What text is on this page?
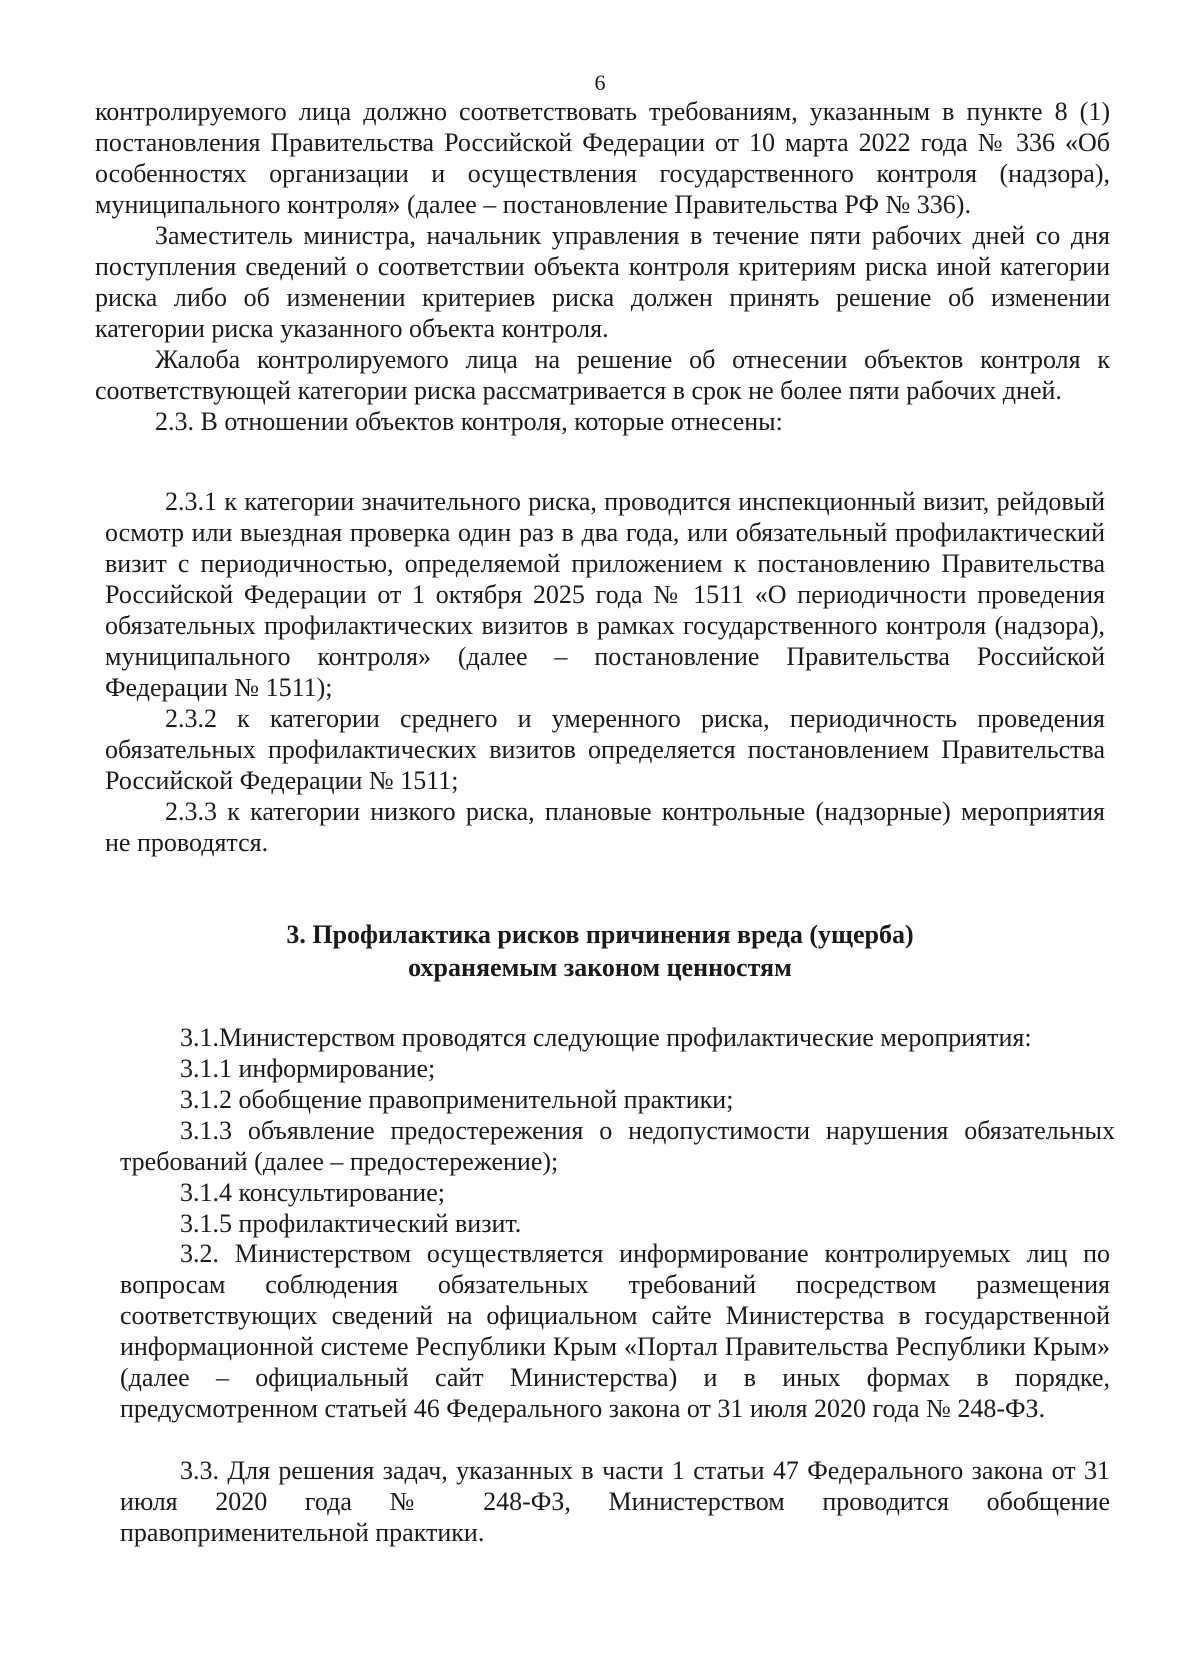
6

контролируемого лица должно соответствовать требованиям, указанным в пункте 8 (1) постановления Правительства Российской Федерации от 10 марта 2022 года № 336 «Об особенностях организации и осуществления государственного контроля (надзора), муниципального контроля» (далее – постановление Правительства РФ № 336).

Заместитель министра, начальник управления в течение пяти рабочих дней со дня поступления сведений о соответствии объекта контроля критериям риска иной категории риска либо об изменении критериев риска должен принять решение об изменении категории риска указанного объекта контроля.

Жалоба контролируемого лица на решение об отнесении объектов контроля к соответствующей категории риска рассматривается в срок не более пяти рабочих дней.

2.3. В отношении объектов контроля, которые отнесены:

2.3.1 к категории значительного риска, проводится инспекционный визит, рейдовый осмотр или выездная проверка один раз в два года, или обязательный профилактический визит с периодичностью, определяемой приложением к постановлению Правительства Российской Федерации от 1 октября 2025 года № 1511 «О периодичности проведения обязательных профилактических визитов в рамках государственного контроля (надзора), муниципального контроля» (далее – постановление Правительства Российской Федерации № 1511);

2.3.2 к категории среднего и умеренного риска, периодичность проведения обязательных профилактических визитов определяется постановлением Правительства Российской Федерации № 1511;

2.3.3 к категории низкого риска, плановые контрольные (надзорные) мероприятия не проводятся.

3. Профилактика рисков причинения вреда (ущерба)
охраняемым законом ценностям

3.1.Министерством проводятся следующие профилактические мероприятия:

3.1.1 информирование;

3.1.2 обобщение правоприменительной практики;

3.1.3 объявление предостережения о недопустимости нарушения обязательных требований (далее – предостережение);

3.1.4 консультирование;

3.1.5 профилактический визит.

3.2. Министерством осуществляется информирование контролируемых лиц по вопросам соблюдения обязательных требований посредством размещения соответствующих сведений на официальном сайте Министерства в государственной информационной системе Республики Крым «Портал Правительства Республики Крым» (далее – официальный сайт Министерства) и в иных формах в порядке, предусмотренном статьей 46 Федерального закона от 31 июля 2020 года № 248-ФЗ.

3.3. Для решения задач, указанных в части 1 статьи 47 Федерального закона от 31 июля 2020 года № 248-ФЗ, Министерством проводится обобщение правоприменительной практики.
